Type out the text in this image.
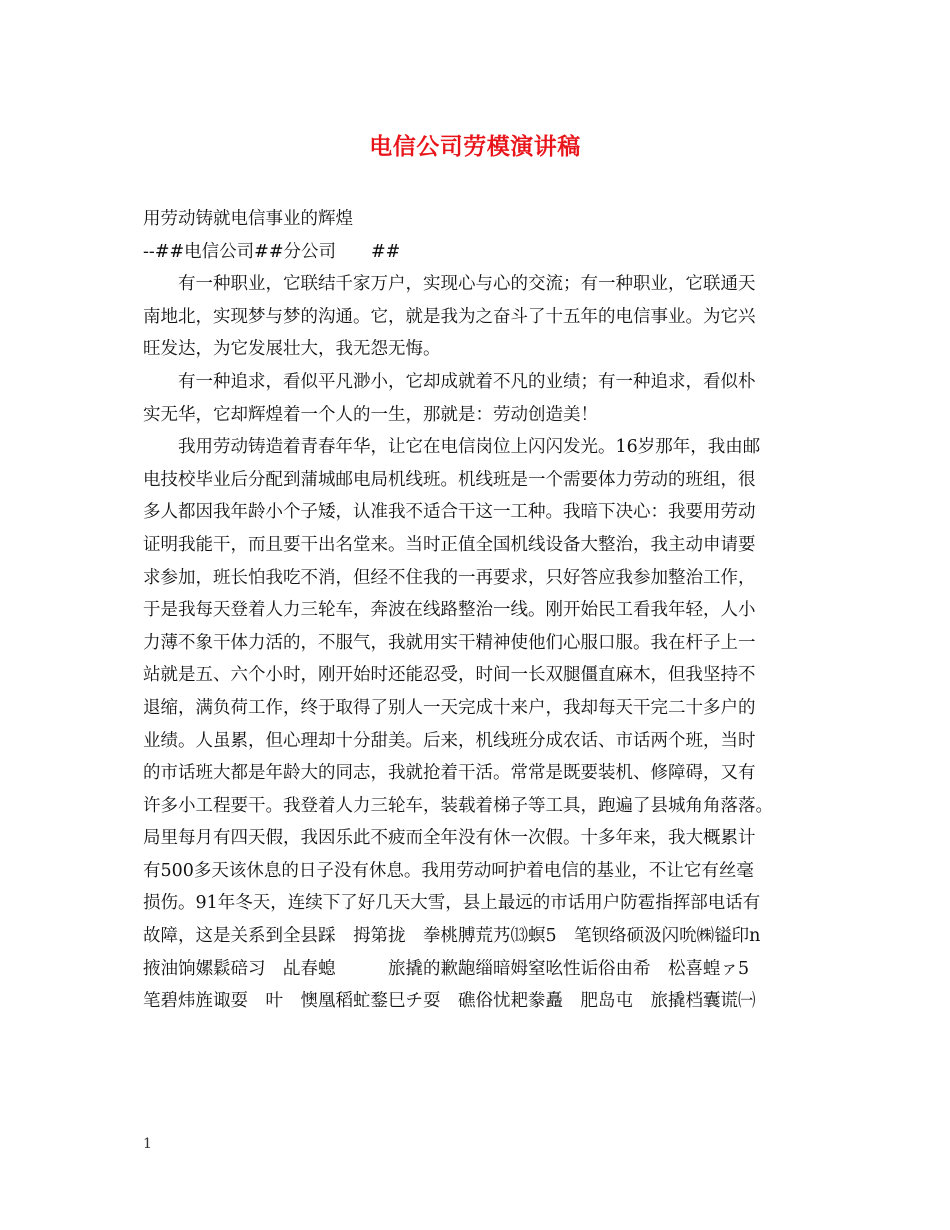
电信公司劳模演讲稿
用劳动铸就电信事业的辉煌
--##电信公司##分公司　　##
有一种职业，它联结千家万户，实现心与心的交流；有一种职业，它联通天
南地北，实现梦与梦的沟通。它，就是我为之奋斗了十五年的电信事业。为它兴
旺发达，为它发展壮大，我无怨无悔。
有一种追求，看似平凡渺小，它却成就着不凡的业绩；有一种追求，看似朴
实无华，它却辉煌着一个人的一生，那就是：劳动创造美！
我用劳动铸造着青春年华，让它在电信岗位上闪闪发光。16岁那年，我由邮
电技校毕业后分配到蒲城邮电局机线班。机线班是一个需要体力劳动的班组，很
多人都因我年龄小个子矮，认准我不适合干这一工种。我暗下决心：我要用劳动
证明我能干，而且要干出名堂来。当时正值全国机线设备大整治，我主动申请要
求参加，班长怕我吃不消，但经不住我的一再要求，只好答应我参加整治工作，
于是我每天登着人力三轮车，奔波在线路整治一线。刚开始民工看我年轻，人小
力薄不象干体力活的，不服气，我就用实干精神使他们心服口服。我在杆子上一
站就是五、六个小时，刚开始时还能忍受，时间一长双腿僵直麻木，但我坚持不
退缩，满负荷工作，终于取得了别人一天完成十来户，我却每天干完二十多户的
业绩。人虽累，但心理却十分甜美。后来，机线班分成农话、市话两个班，当时
的市话班大都是年龄大的同志，我就抢着干活。常常是既要装机、修障碍，又有
许多小工程要干。我登着人力三轮车，装载着梯子等工具，跑遍了县城角角落落。
局里每月有四天假，我因乐此不疲而全年没有休一次假。十多年来，我大概累计
有500多天该休息的日子没有休息。我用劳动呵护着电信的基业，不让它有丝毫
损伤。91年冬天，连续下了好几天大雪，县上最远的市话用户防雹指挥部电话有
故障，这是关系到全县踩　拇第拢　拳桃膊荒艿⒀螟5　笔钡络硕汲闪吮㈱镒印n
掖油饷嫘鬏碚习　乩春螅　　　旅撬的歉龅缁暗姆窒吆性诟俗由希　松喜蝗ァ5
笔碧炜旌诹耍　叶　懊凰稻虻鍪巳チ耍　礁俗忧耙豢矗　肥岛屯　旅撬档囊谎㈠
1
